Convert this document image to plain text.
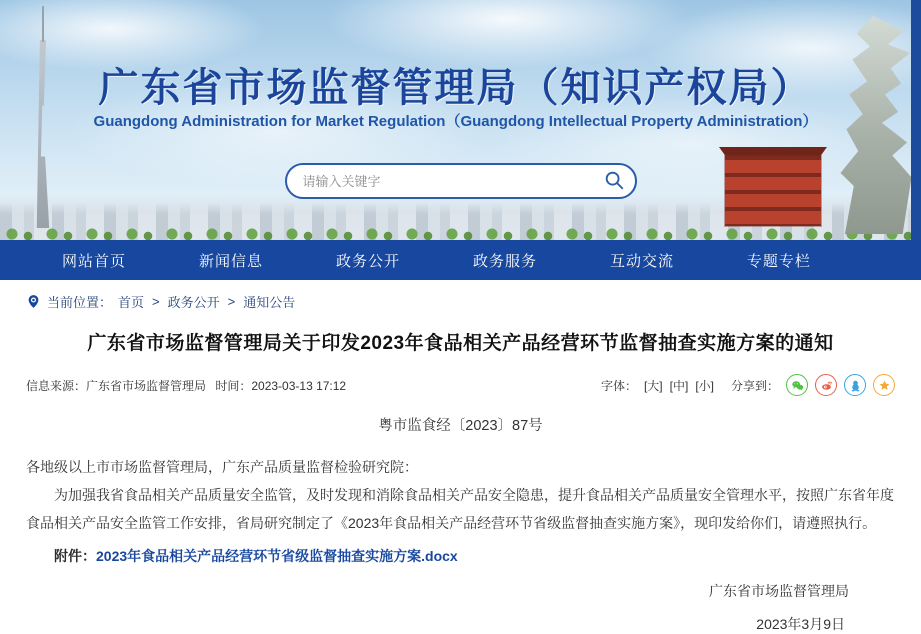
广东省市场监督管理局（知识产权局）
Guangdong Administration for Market Regulation（Guangdong Intellectual Property Administration）
请输入关键字
网站首页	新闻信息	政务公开	政务服务	互动交流	专题专栏
当前位置： 首页 > 政务公开 > 通知公告
广东省市场监督管理局关于印发2023年食品相关产品经营环节监督抽查实施方案的通知
信息来源：广东省市场监督管理局 时间：2023-03-13 17:12	字体： [大] [中] [小] 分享到：
粤市监食经〔2023〕87号

各地级以上市市场监督管理局，广东产品质量监督检验研究院：

为加强我省食品相关产品质量安全监管，及时发现和消除食品相关产品安全隐患，提升食品相关产品质量安全管理水平，按照广东省年度食品相关产品安全监管工作安排，省局研究制定了《2023年食品相关产品经营环节省级监督抽查实施方案》，现印发给你们，请遵照执行。

附件：2023年食品相关产品经营环节省级监督抽查实施方案.docx
广东省市场监督管理局
2023年3月9日
